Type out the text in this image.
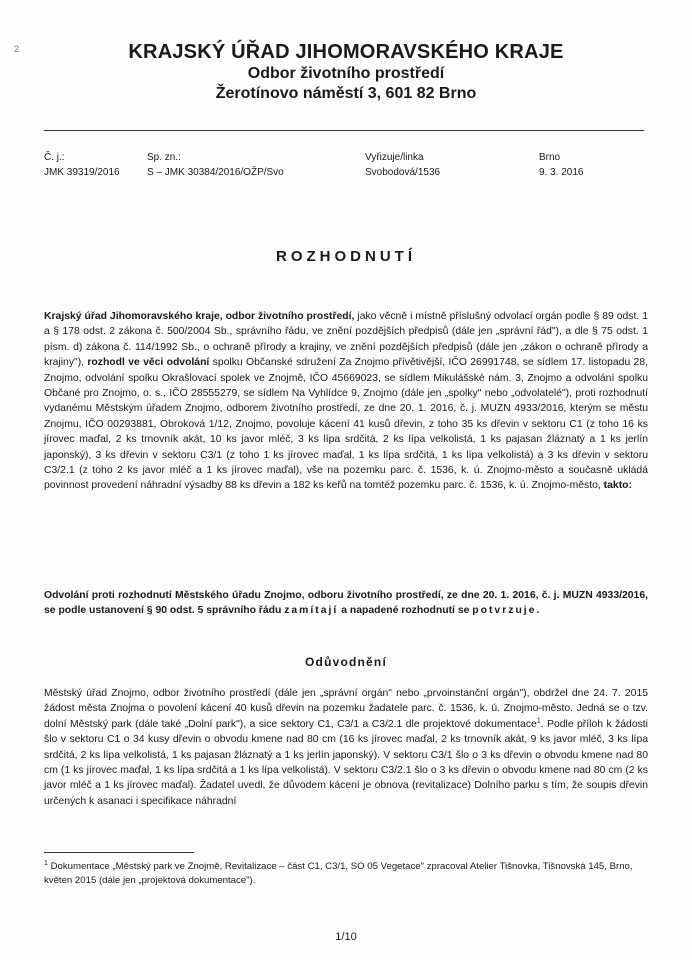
2	KRAJSKÝ ÚŘAD JIHOMORAVSKÉHO KRAJE
Odbor životního prostředí
Žerotínovo náměstí 3, 601 82 Brno
Č. j.:
JMK 39319/2016
Sp. zn.:
S – JMK 30384/2016/OŽP/Svo
Vyřizuje/linka
Svobodová/1536
Brno
9. 3. 2016
ROZHODNUTÍ
Krajský úřad Jihomoravského kraje, odbor životního prostředí, jako věcně i místně příslušný odvolací orgán podle § 89 odst. 1 a § 178 odst. 2 zákona č. 500/2004 Sb., správního řádu, ve znění pozdějších předpisů (dále jen „správní řád"), a dle § 75 odst. 1 písm. d) zákona č. 114/1992 Sb., o ochraně přírody a krajiny, ve znění pozdějších předpisů (dále jen „zákon o ochraně přírody a krajiny"), rozhodl ve věci odvolání spolku Občanské sdružení Za Znojmo přívětivější, IČO 26991748, se sídlem 17. listopadu 28, Znojmo, odvolání spolku Okrašlovací spolek ve Znojmě, IČO 45669023, se sídlem Mikulášské nám. 3, Znojmo a odvolání spolku Občané pro Znojmo, o. s., IČO 28555279, se sídlem Na Vyhlídce 9, Znojmo (dále jen „spolky" nebo „odvolatelé"), proti rozhodnutí vydanému Městským úřadem Znojmo, odborem životního prostředí, ze dne 20. 1. 2016, č. j. MUZN 4933/2016, kterým se městu Znojmu, IČO 00293881, Obroková 1/12, Znojmo, povoluje kácení 41 kusů dřevin, z toho 35 ks dřevin v sektoru C1 (z toho 16 ks jírovec maďal, 2 ks trnovník akát, 10 ks javor mléč, 3 ks lípa srdčitá, 2 ks lípa velkolistá, 1 ks pajasan žláznatý a 1 ks jerlín japonský), 3 ks dřevin v sektoru C3/1 (z toho 1 ks jírovec maďal, 1 ks lípa srdčitá, 1 ks lípa velkolistá) a 3 ks dřevin v sektoru C3/2.1 (z toho 2 ks javor mléč a 1 ks jírovec maďal), vše na pozemku parc. č. 1536, k. ú. Znojmo-město a současně ukládá povinnost provedení náhradní výsadby 88 ks dřevin a 182 ks keřů na tomtéž pozemku parc. č. 1536, k. ú. Znojmo-město, takto:
Odvolání proti rozhodnutí Městského úřadu Znojmo, odboru životního prostředí, ze dne 20. 1. 2016, č. j. MUZN 4933/2016, se podle ustanovení § 90 odst. 5 správního řádu zamítají a napadené rozhodnutí se potvrzuje.
Odůvodnění
Městský úřad Znojmo, odbor životního prostředí (dále jen „správní orgán" nebo „prvoinstanční orgán"), obdržel dne 24. 7. 2015 žádost města Znojma o povolení kácení 40 kusů dřevin na pozemku žadatele parc. č. 1536, k. ú. Znojmo-město. Jedná se o tzv. dolní Městský park (dále také „Dolní park"), a sice sektory C1, C3/1 a C3/2.1 dle projektové dokumentace$^1$. Podle příloh k žádosti šlo v sektoru C1 o 34 kusy dřevin o obvodu kmene nad 80 cm (16 ks jírovec maďal, 2 ks trnovník akát, 9 ks javor mléč, 3 ks lípa srdčitá, 2 ks lípa velkolistá, 1 ks pajasan žláznatý a 1 ks jerlín japonský). V sektoru C3/1 šlo o 3 ks dřevin o obvodu kmene nad 80 cm (1 ks jírovec maďal, 1 ks lípa srdčitá a 1 ks lípa velkolistá). V sektoru C3/2.1 šlo o 3 ks dřevin o obvodu kmene nad 80 cm (2 ks javor mléč a 1 ks jírovec maďal). Žadatel uvedl, že důvodem kácení je obnova (revitalizace) Dolního parku s tím, že soupis dřevin určených k asanaci i specifikace náhradní
$^1$ Dokumentace „Městský park ve Znojmě, Revitalizace – část C1, C3/1, SO 05 Vegetace" zpracoval Atelier Tišnovka, Tišnovská 145, Brno, květen 2015 (dále jen „projektová dokumentace").
1/10
